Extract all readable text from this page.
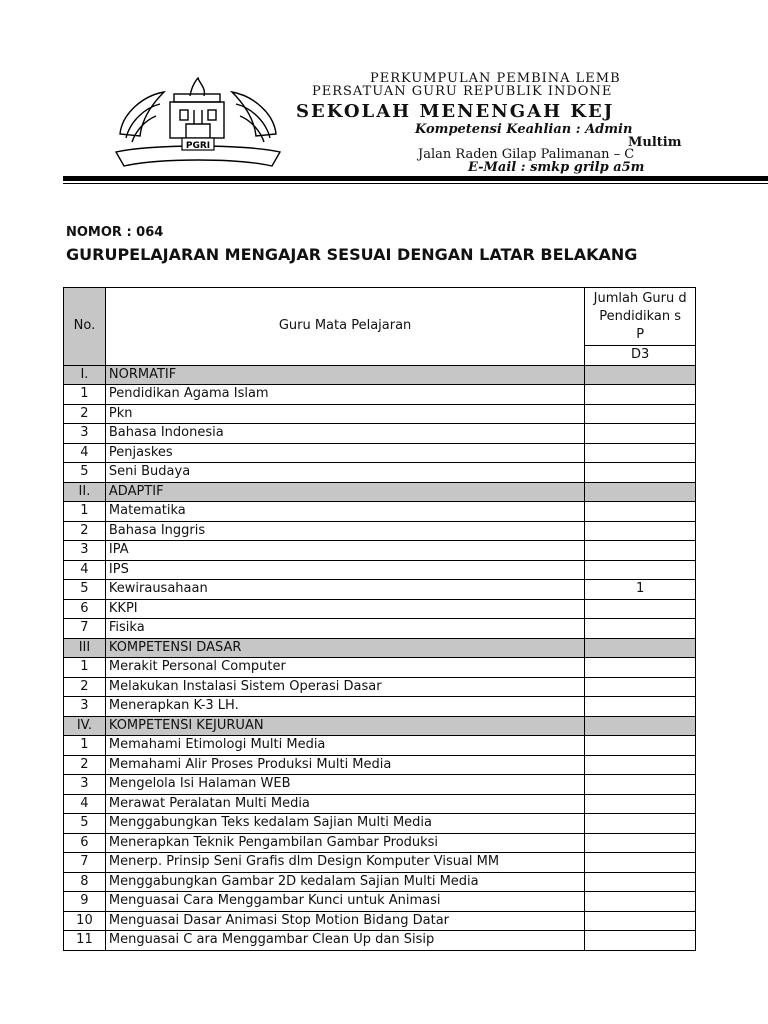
PGRI
PERKUMPULAN PEMBINA LEMB
PERSATUAN GURU REPUBLIK INDONE
SEKOLAH MENENGAH KEJ
Kompetensi Keahlian : Admin
Multim
Jalan Raden Gilap Palimanan – C
E-Mail : smkp grilp a5m
NOMOR : 064
GURUPELAJARAN MENGAJAR SESUAI DENGAN LATAR BELAKANG
No.	Guru Mata Pelajaran	Jumlah Guru d
Pendidikan s
P

		D3
I.	NORMATIF	
1	Pendidikan Agama Islam	
2	Pkn	
3	Bahasa Indonesia	
4	Penjaskes	
5	Seni Budaya	
II.	ADAPTIF	
1	Matematika	
2	Bahasa Inggris	
3	IPA	
4	IPS	
5	Kewirausahaan	1
6	KKPI	
7	Fisika	
III	KOMPETENSI DASAR	
1	Merakit Personal Computer	
2	Melakukan Instalasi Sistem Operasi Dasar	
3	Menerapkan K-3 LH.	
IV.	KOMPETENSI KEJURUAN	
1	Memahami Etimologi Multi Media	
2	Memahami Alir Proses Produksi Multi Media	
3	Mengelola Isi Halaman WEB	
4	Merawat Peralatan Multi Media	
5	Menggabungkan Teks kedalam Sajian Multi Media	
6	Menerapkan Teknik Pengambilan Gambar Produksi	
7	Menerp. Prinsip Seni Grafis dlm Design Komputer Visual MM	
8	Menggabungkan Gambar 2D kedalam Sajian Multi Media	
9	Menguasai Cara Menggambar Kunci untuk Animasi	
10	Menguasai Dasar Animasi Stop Motion Bidang Datar	
11	Menguasai C ara Menggambar Clean Up dan Sisip	
